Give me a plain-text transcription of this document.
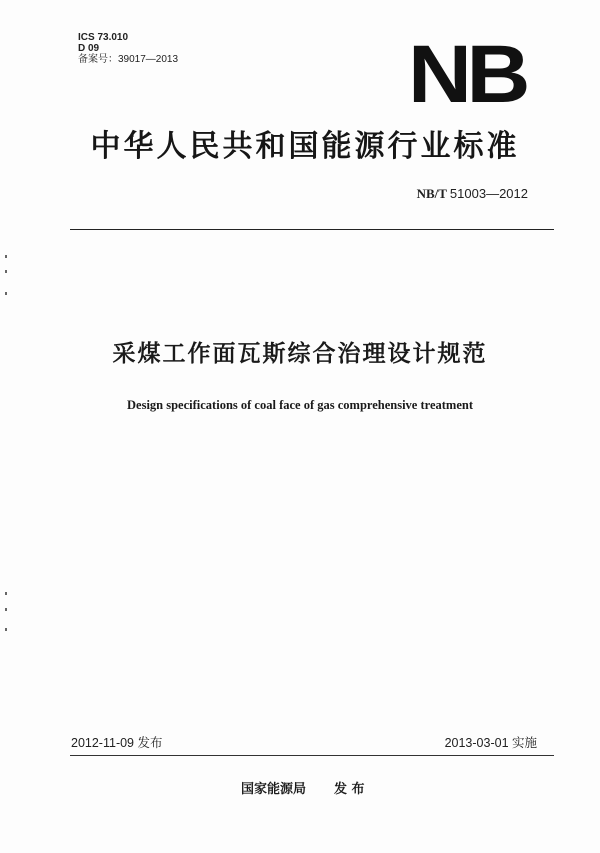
ICS 73.010
D 09
备案号：39017—2013	NB
中华人民共和国能源行业标准
NB/T 51003—2012
采煤工作面瓦斯综合治理设计规范
Design specifications of coal face of gas comprehensive treatment
2012-11-09 发布	2013-03-01 实施
国家能源局 发 布
